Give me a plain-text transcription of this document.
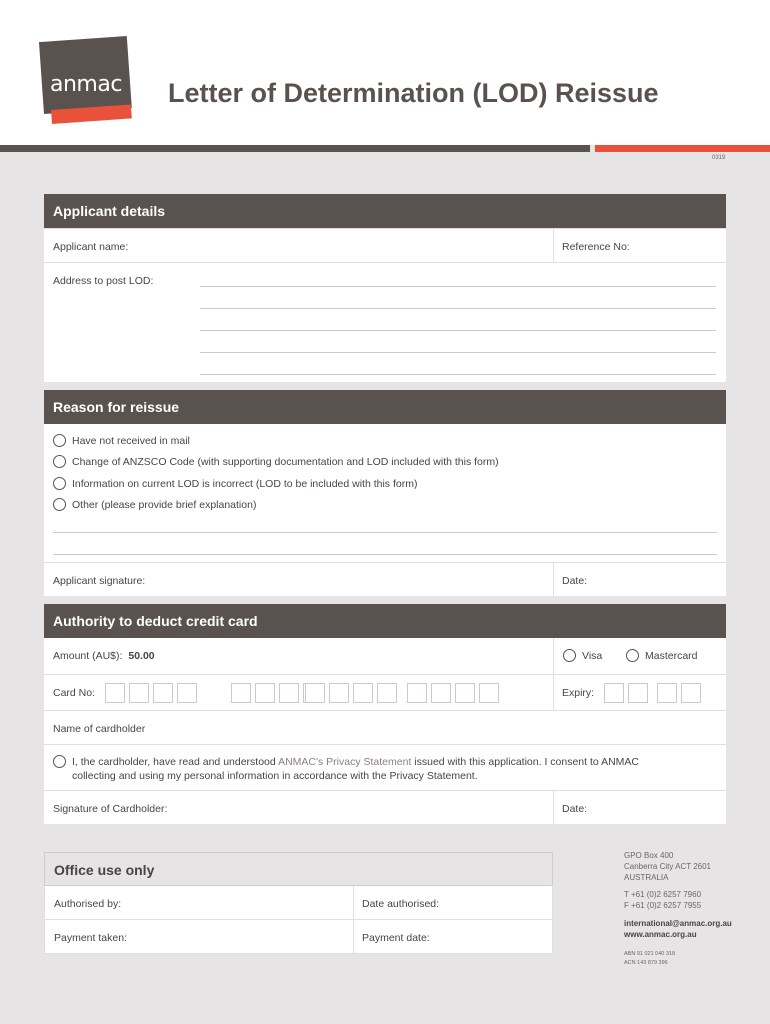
anmac Letter of Determination (LOD) Reissue
0319
Applicant details
Applicant name:	Reference No:
Address to post LOD:
Reason for reissue
Have not received in mail
Change of ANZSCO Code (with supporting documentation and LOD included with this form)
Information on current LOD is incorrect (LOD to be included with this form)
Other (please provide brief explanation)
Applicant signature:	Date:
Authority to deduct credit card
Amount (AU$): 50.00	Visa	Mastercard
Card No:	Expiry:
Name of cardholder
I, the cardholder, have read and understood ANMAC's Privacy Statement issued with this application. I consent to ANMAC
collecting and using my personal information in accordance with the Privacy Statement.
Signature of Cardholder:	Date:
Office use only
Authorised by:	Date authorised:
Payment taken:	Payment date:
GPO Box 400
Canberra City ACT 2601
AUSTRALIA
T +61 (0)2 6257 7960
F +61 (0)2 6257 7955
international@anmac.org.au
www.anmac.org.au
ABN 91 021 040 318
ACN 143 879 396
